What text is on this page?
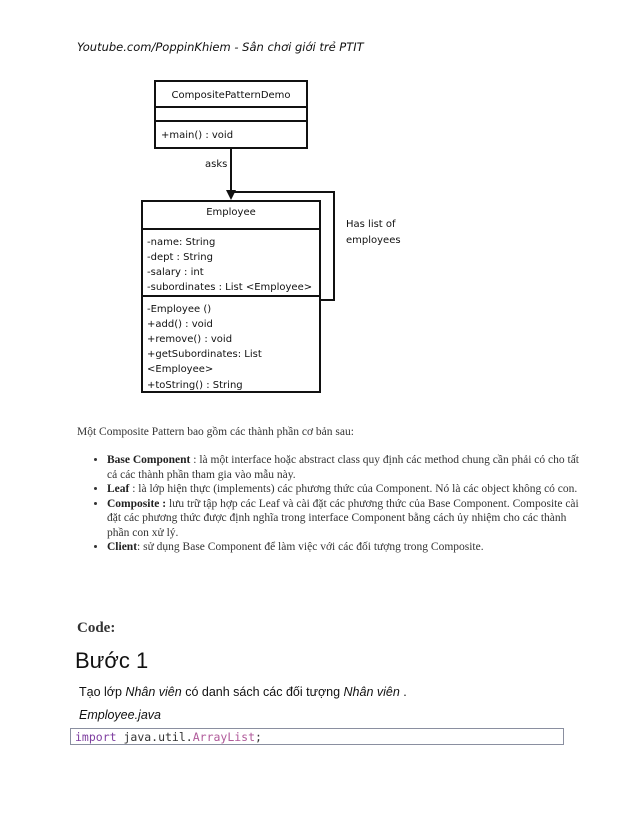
Youtube.com/PoppinKhiem - Sân chơi giới trẻ PTIT
CompositePatternDemo
+main() : void
asks
Employee
-name: String
-dept : String
-salary : int
-subordinates : List <Employee>
-Employee ()
+add() : void
+remove() : void
+getSubordinates: List
<Employee>
+toString() : String
Has list of
employees
Một Composite Pattern bao gồm các thành phần cơ bản sau:
• Base Component : là một interface hoặc abstract class quy định các method chung cần phải có cho tất cả các thành phần tham gia vào mẫu này.
• Leaf : là lớp hiện thực (implements) các phương thức của Component. Nó là các object không có con.
• Composite : lưu trữ tập hợp các Leaf và cài đặt các phương thức của Base Component. Composite cài đặt các phương thức được định nghĩa trong interface Component bằng cách ủy nhiệm cho các thành phần con xử lý.
• Client: sử dụng Base Component để làm việc với các đối tượng trong Composite.
Code:
Bước 1
Tạo lớp Nhân viên có danh sách các đối tượng Nhân viên .
Employee.java
import java.util.ArrayList;
